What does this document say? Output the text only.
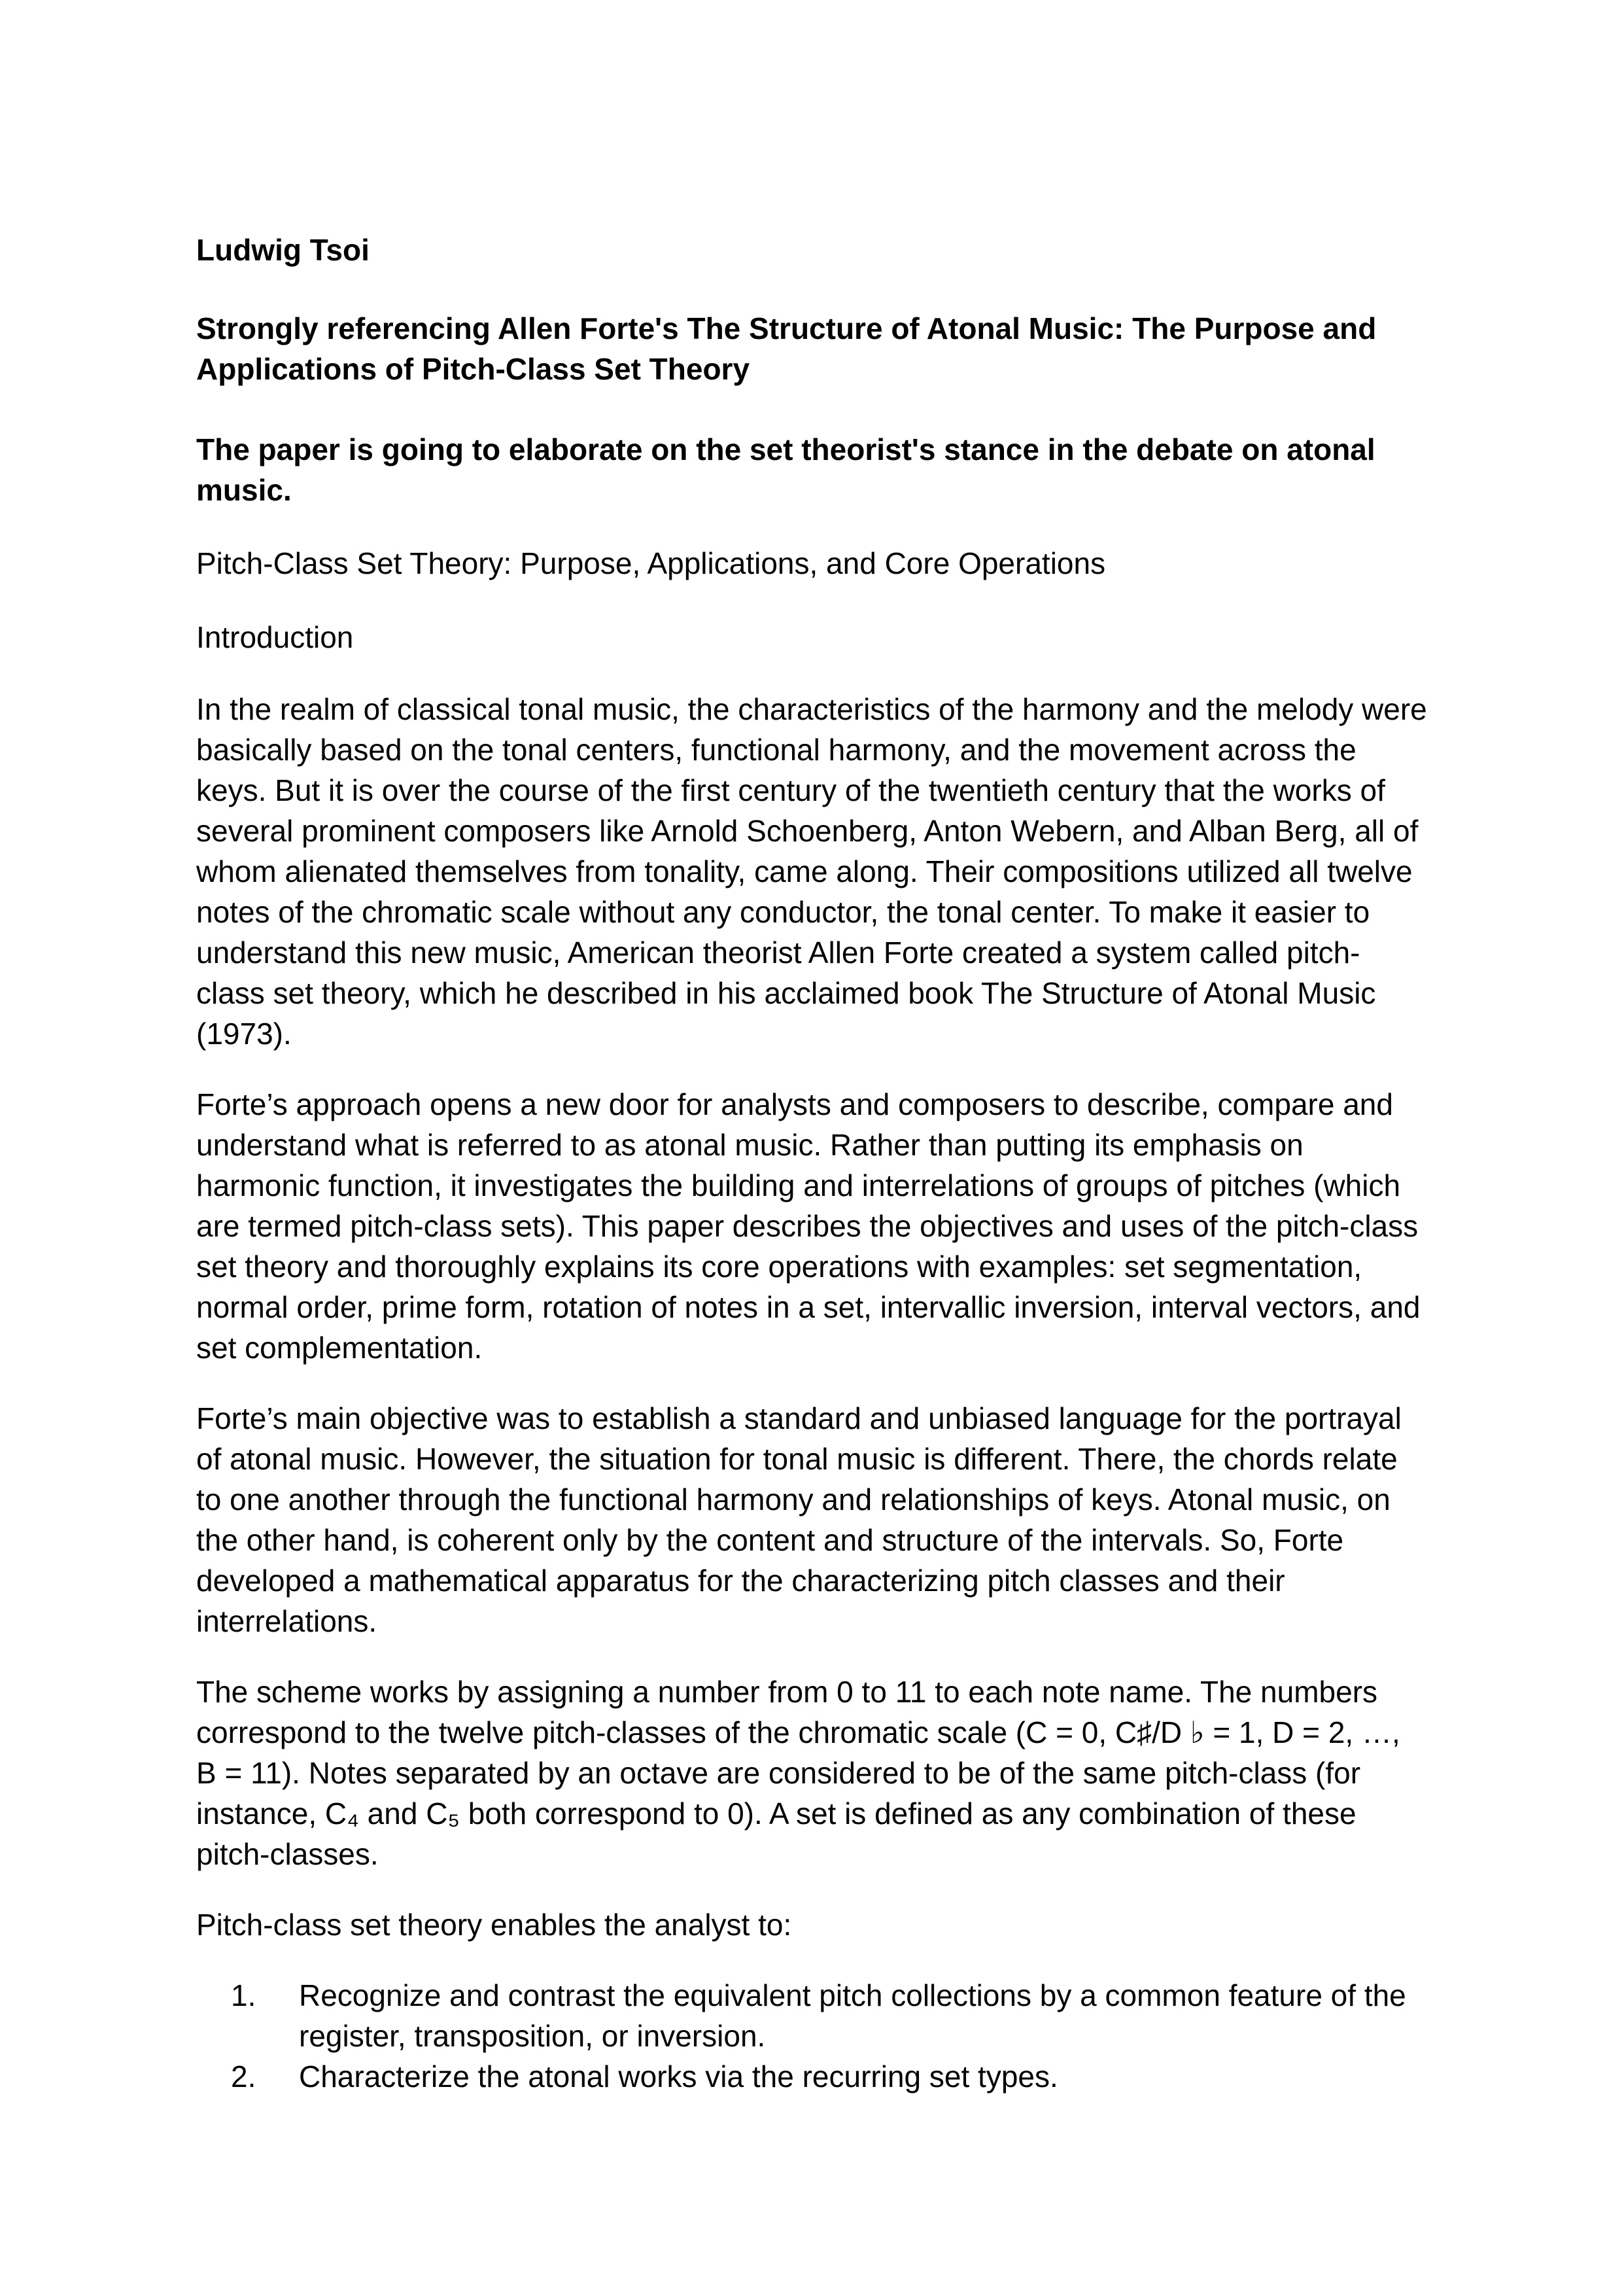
Ludwig Tsoi

Strongly referencing Allen Forte's The Structure of Atonal Music: The Purpose and Applications of Pitch-Class Set Theory

The paper is going to elaborate on the set theorist's stance in the debate on atonal music.

Pitch-Class Set Theory: Purpose, Applications, and Core Operations

Introduction

In the realm of classical tonal music, the characteristics of the harmony and the melody were basically based on the tonal centers, functional harmony, and the movement across the keys. But it is over the course of the first century of the twentieth century that the works of several prominent composers like Arnold Schoenberg, Anton Webern, and Alban Berg, all of whom alienated themselves from tonality, came along. Their compositions utilized all twelve notes of the chromatic scale without any conductor, the tonal center. To make it easier to understand this new music, American theorist Allen Forte created a system called pitch-class set theory, which he described in his acclaimed book The Structure of Atonal Music (1973).

Forte’s approach opens a new door for analysts and composers to describe, compare and understand what is referred to as atonal music. Rather than putting its emphasis on harmonic function, it investigates the building and interrelations of groups of pitches (which are termed pitch-class sets). This paper describes the objectives and uses of the pitch-class set theory and thoroughly explains its core operations with examples: set segmentation, normal order, prime form, rotation of notes in a set, intervallic inversion, interval vectors, and set complementation.

Forte’s main objective was to establish a standard and unbiased language for the portrayal of atonal music. However, the situation for tonal music is different. There, the chords relate to one another through the functional harmony and relationships of keys. Atonal music, on the other hand, is coherent only by the content and structure of the intervals. So, Forte developed a mathematical apparatus for the characterizing pitch classes and their interrelations.

The scheme works by assigning a number from 0 to 11 to each note name. The numbers correspond to the twelve pitch-classes of the chromatic scale (C = 0, C♯/D ♭ = 1, D = 2, …, B = 11). Notes separated by an octave are considered to be of the same pitch-class (for instance, C₄ and C₅ both correspond to 0). A set is defined as any combination of these pitch-classes.

Pitch-class set theory enables the analyst to:

1. Recognize and contrast the equivalent pitch collections by a common feature of the register, transposition, or inversion.
2. Characterize the atonal works via the recurring set types.
